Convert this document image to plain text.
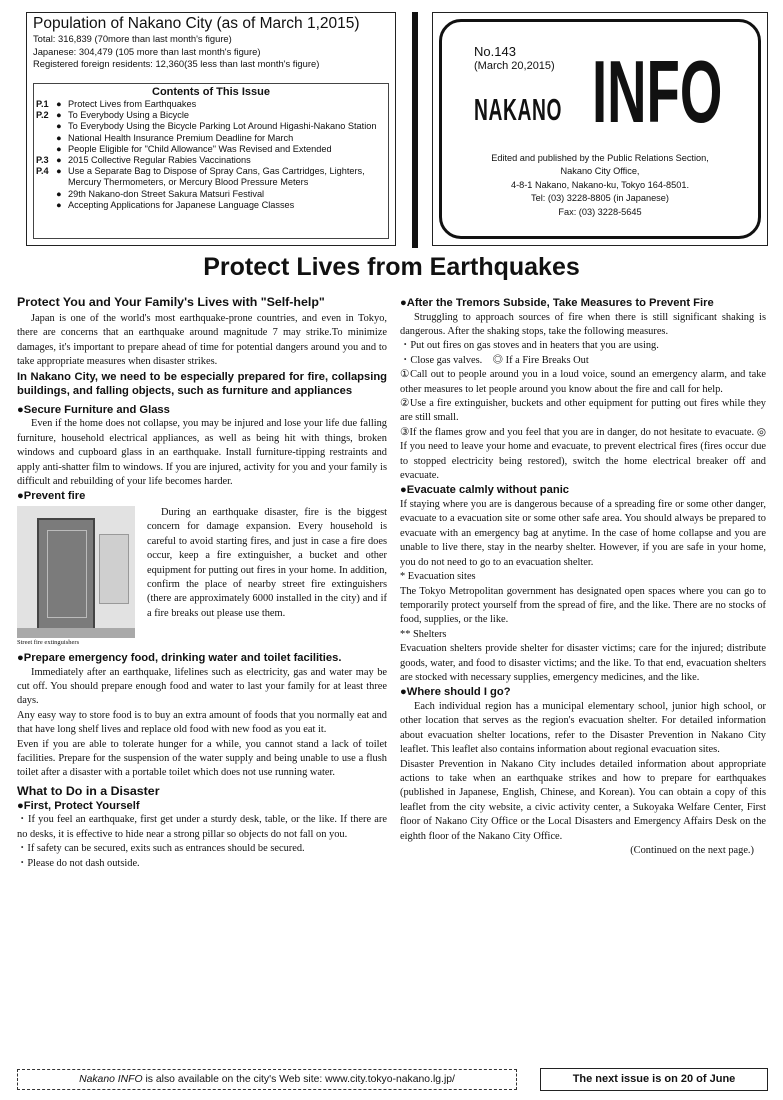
Population of Nakano City (as of March 1,2015)
Total: 316,839 (70more than last month's figure)
Japanese: 304,479 (105 more than last month's figure)
Registered foreign residents: 12,360(35 less than last month's figure)
Contents of This Issue
P.1 ● Protect Lives from Earthquakes
P.2 ● To Everybody Using a Bicycle
● To Everybody Using the Bicycle Parking Lot Around Higashi-Nakano Station
● National Health Insurance Premium Deadline for March
● People Eligible for "Child Allowance" Was Revised and Extended
P.3 ● 2015 Collective Regular Rabies Vaccinations
P.4 ● Use a Separate Bag to Dispose of Spray Cans, Gas Cartridges, Lighters, Mercury Thermometers, or Mercury Blood Pressure Meters
● 29th Nakano-don Street Sakura Matsuri Festival
● Accepting Applications for Japanese Language Classes
No.143
(March 20,2015)
NAKANO INFO
Edited and published by the Public Relations Section,
Nakano City Office,
4-8-1 Nakano, Nakano-ku, Tokyo 164-8501.
Tel: (03) 3228-8805 (in Japanese)
Fax: (03) 3228-5645
Protect Lives from Earthquakes

Protect You and Your Family's Lives with "Self-help"

Japan is one of the world's most earthquake-prone countries, and even in Tokyo, there are concerns that an earthquake around magnitude 7 may strike.To minimize damages, it's important to prepare ahead of time for potential dangers around you and to take appropriate measures when disaster strikes.

In Nakano City, we need to be especially prepared for fire, collapsing buildings, and falling objects, such as furniture and appliances

●Secure Furniture and Glass

Even if the home does not collapse, you may be injured and lose your life due falling furniture, household electrical appliances, as well as being hit with things, broken windows and cupboard glass in an earthquake. Install furniture-tipping restraints and apply anti-shatter film to windows. If you are injured, activity for you and your family is difficult and rebuilding of your life becomes harder.

●Prevent fire

Street fire extinguishers

During an earthquake disaster, fire is the biggest concern for damage expansion. Every household is careful to avoid starting fires, and just in case a fire does occur, keep a fire extinguisher, a bucket and other equipment for putting out fires in your home. In addition, confirm the place of nearby street fire extinguishers (there are approximately 6000 installed in the city) and if a fire breaks out please use them.

●Prepare emergency food, drinking water and toilet facilities.

Immediately after an earthquake, lifelines such as electricity, gas and water may be cut off. You should prepare enough food and water to last your family for at least three days.

Any easy way to store food is to buy an extra amount of foods that you normally eat and that have long shelf lives and replace old food with new food as you eat it.

Even if you are able to tolerate hunger for a while, you cannot stand a lack of toilet facilities. Prepare for the suspension of the water supply and being unable to use a flush toilet after a disaster with a portable toilet which does not use running water.

What to Do in a Disaster

●First, Protect Yourself

・If you feel an earthquake, first get under a sturdy desk, table, or the like. If there are no desks, it is effective to hide near a strong pillar so objects do not fall on you.

・If safety can be secured, exits such as entrances should be secured.

・Please do not dash outside.

●After the Tremors Subside, Take Measures to Prevent Fire

Struggling to approach sources of fire when there is still significant shaking is dangerous. After the shaking stops, take the following measures.

・Put out fires on gas stoves and in heaters that you are using.

・Close gas valves.　◎ If a Fire Breaks Out

①Call out to people around you in a loud voice, sound an emergency alarm, and take other measures to let people around you know about the fire and call for help.

②Use a fire extinguisher, buckets and other equipment for putting out fires while they are still small.

③If the flames grow and you feel that you are in danger, do not hesitate to evacuate. ◎ If you need to leave your home and evacuate, to prevent electrical fires (fires occur due to stopped electricity being restored), switch the home electrical breaker off and evacuate.

●Evacuate calmly without panic

If staying where you are is dangerous because of a spreading fire or some other danger, evacuate to a evacuation site or some other safe area. You should always be prepared to evacuate with an emergency bag at anytime. In the case of home collapse and you are unable to live there, stay in the nearby shelter. However, if you are safe in your home, you do not need to go to an evacuation shelter.

* Evacuation sites

The Tokyo Metropolitan government has designated open spaces where you can go to temporarily protect yourself from the spread of fire, and the like. There are no stocks of food, supplies, or the like.

** Shelters

Evacuation shelters provide shelter for disaster victims; care for the injured; distribute goods, water, and food to disaster victims; and the like. To that end, evacuation shelters are stocked with necessary supplies, emergency medicines, and the like.

●Where should I go?

Each individual region has a municipal elementary school, junior high school, or other location that serves as the region's evacuation shelter. For detailed information about evacuation shelter locations, refer to the Disaster Prevention in Nakano City leaflet. This leaflet also contains information about regional evacuation sites.

Disaster Prevention in Nakano City includes detailed information about appropriate actions to take when an earthquake strikes and how to prepare for earthquakes (published in Japanese, English, Chinese, and Korean). You can obtain a copy of this leaflet from the city website, a civic activity center, a Sukoyaka Welfare Center, First floor of Nakano City Office or the Local Disasters and Emergency Affairs Desk on the eighth floor of the Nakano City Office.

(Continued on the next page.)

Nakano INFO is also available on the city's Web site: www.city.tokyo-nakano.lg.jp/	The next issue is on 20 of June
